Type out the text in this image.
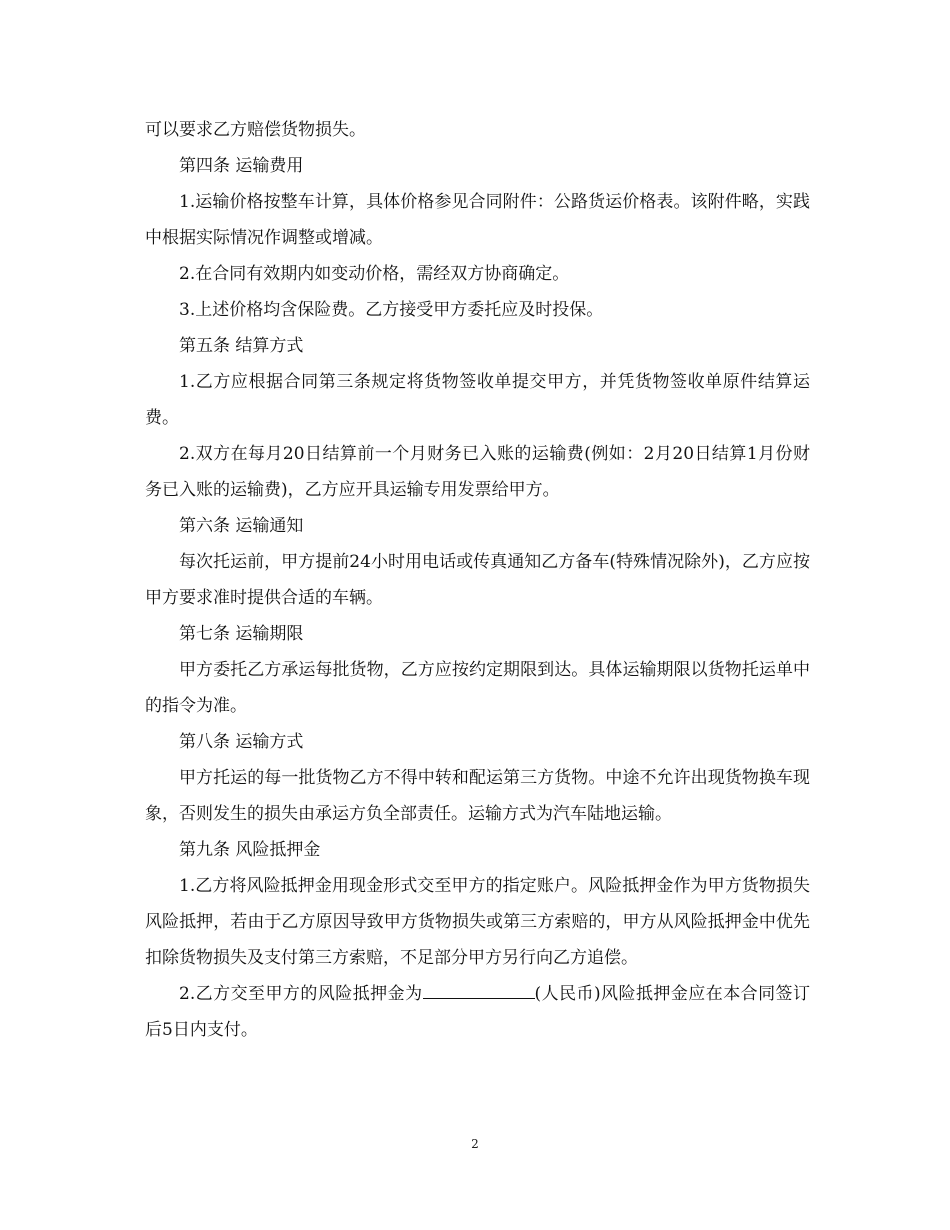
可以要求乙方赔偿货物损失。

第四条 运输费用

1.运输价格按整车计算，具体价格参见合同附件：公路货运价格表。该附件略，实践中根据实际情况作调整或增减。

2.在合同有效期内如变动价格，需经双方协商确定。

3.上述价格均含保险费。乙方接受甲方委托应及时投保。

第五条 结算方式

1.乙方应根据合同第三条规定将货物签收单提交甲方，并凭货物签收单原件结算运费。

2.双方在每月20日结算前一个月财务已入账的运输费(例如：2月20日结算1月份财务已入账的运输费)，乙方应开具运输专用发票给甲方。

第六条 运输通知

每次托运前，甲方提前24小时用电话或传真通知乙方备车(特殊情况除外)，乙方应按甲方要求准时提供合适的车辆。

第七条 运输期限

甲方委托乙方承运每批货物，乙方应按约定期限到达。具体运输期限以货物托运单中的指令为准。

第八条 运输方式

甲方托运的每一批货物乙方不得中转和配运第三方货物。中途不允许出现货物换车现象，否则发生的损失由承运方负全部责任。运输方式为汽车陆地运输。

第九条 风险抵押金

1.乙方将风险抵押金用现金形式交至甲方的指定账户。风险抵押金作为甲方货物损失风险抵押，若由于乙方原因导致甲方货物损失或第三方索赔的，甲方从风险抵押金中优先扣除货物损失及支付第三方索赔，不足部分甲方另行向乙方追偿。

2.乙方交至甲方的风险抵押金为	(人民币)风险抵押金应在本合同签订后5日内支付。

2
